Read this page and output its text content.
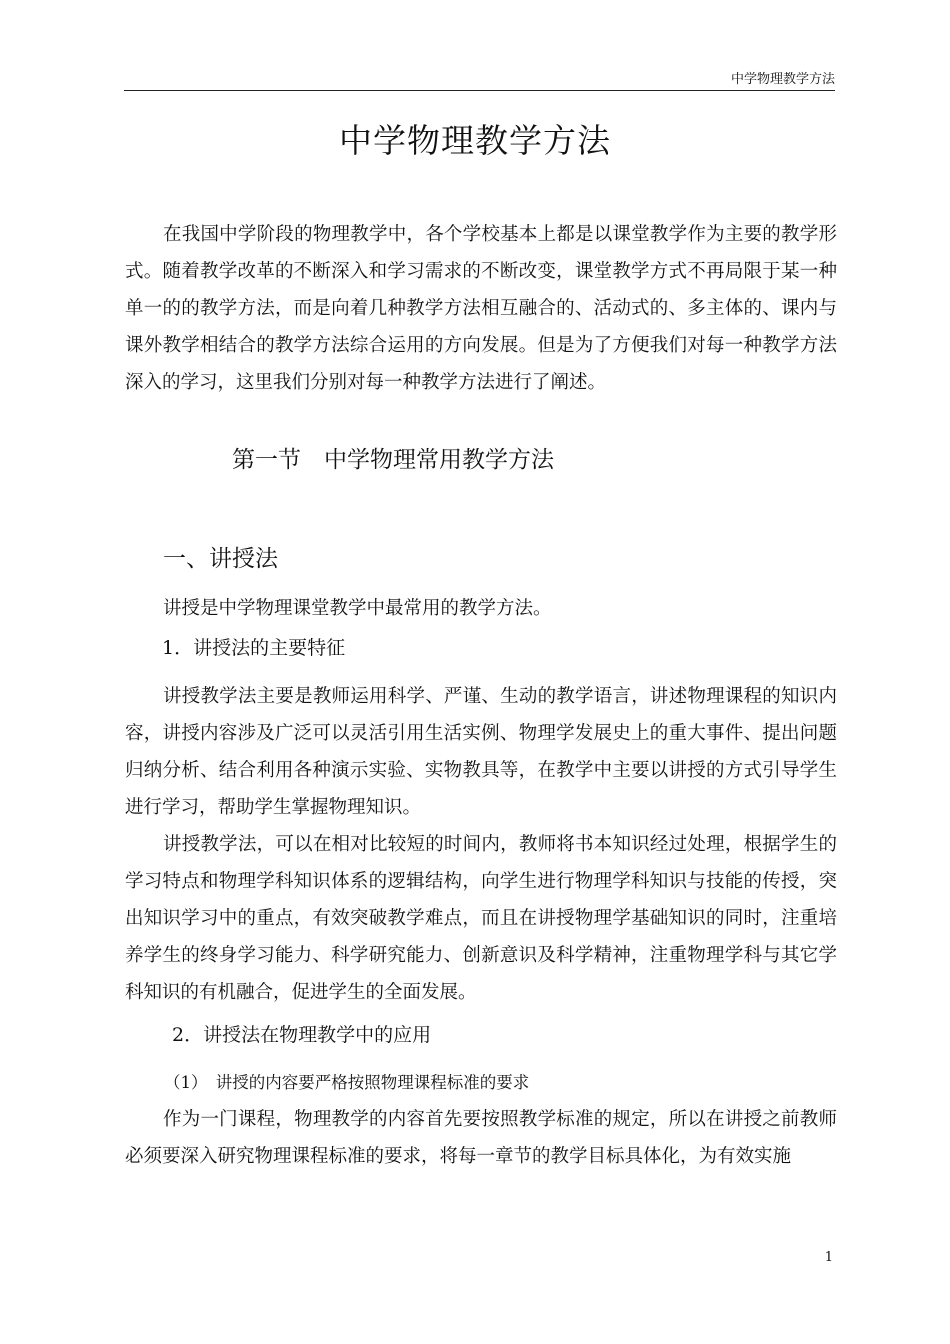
中学物理教学方法
中学物理教学方法
在我国中学阶段的物理教学中，各个学校基本上都是以课堂教学作为主要的教学形式。随着教学改革的不断深入和学习需求的不断改变，课堂教学方式不再局限于某一种单一的的教学方法，而是向着几种教学方法相互融合的、活动式的、多主体的、课内与课外教学相结合的教学方法综合运用的方向发展。但是为了方便我们对每一种教学方法深入的学习，这里我们分别对每一种教学方法进行了阐述。
第一节　中学物理常用教学方法
一、讲授法
讲授是中学物理课堂教学中最常用的教学方法。
1．讲授法的主要特征
讲授教学法主要是教师运用科学、严谨、生动的教学语言，讲述物理课程的知识内容，讲授内容涉及广泛可以灵活引用生活实例、物理学发展史上的重大事件、提出问题归纳分析、结合利用各种演示实验、实物教具等，在教学中主要以讲授的方式引导学生进行学习，帮助学生掌握物理知识。
讲授教学法，可以在相对比较短的时间内，教师将书本知识经过处理，根据学生的学习特点和物理学科知识体系的逻辑结构，向学生进行物理学科知识与技能的传授，突出知识学习中的重点，有效突破教学难点，而且在讲授物理学基础知识的同时，注重培养学生的终身学习能力、科学研究能力、创新意识及科学精神，注重物理学科与其它学科知识的有机融合，促进学生的全面发展。
2．讲授法在物理教学中的应用
（1）　讲授的内容要严格按照物理课程标准的要求
作为一门课程，物理教学的内容首先要按照教学标准的规定，所以在讲授之前教师必须要深入研究物理课程标准的要求，将每一章节的教学目标具体化，为有效实施
1
